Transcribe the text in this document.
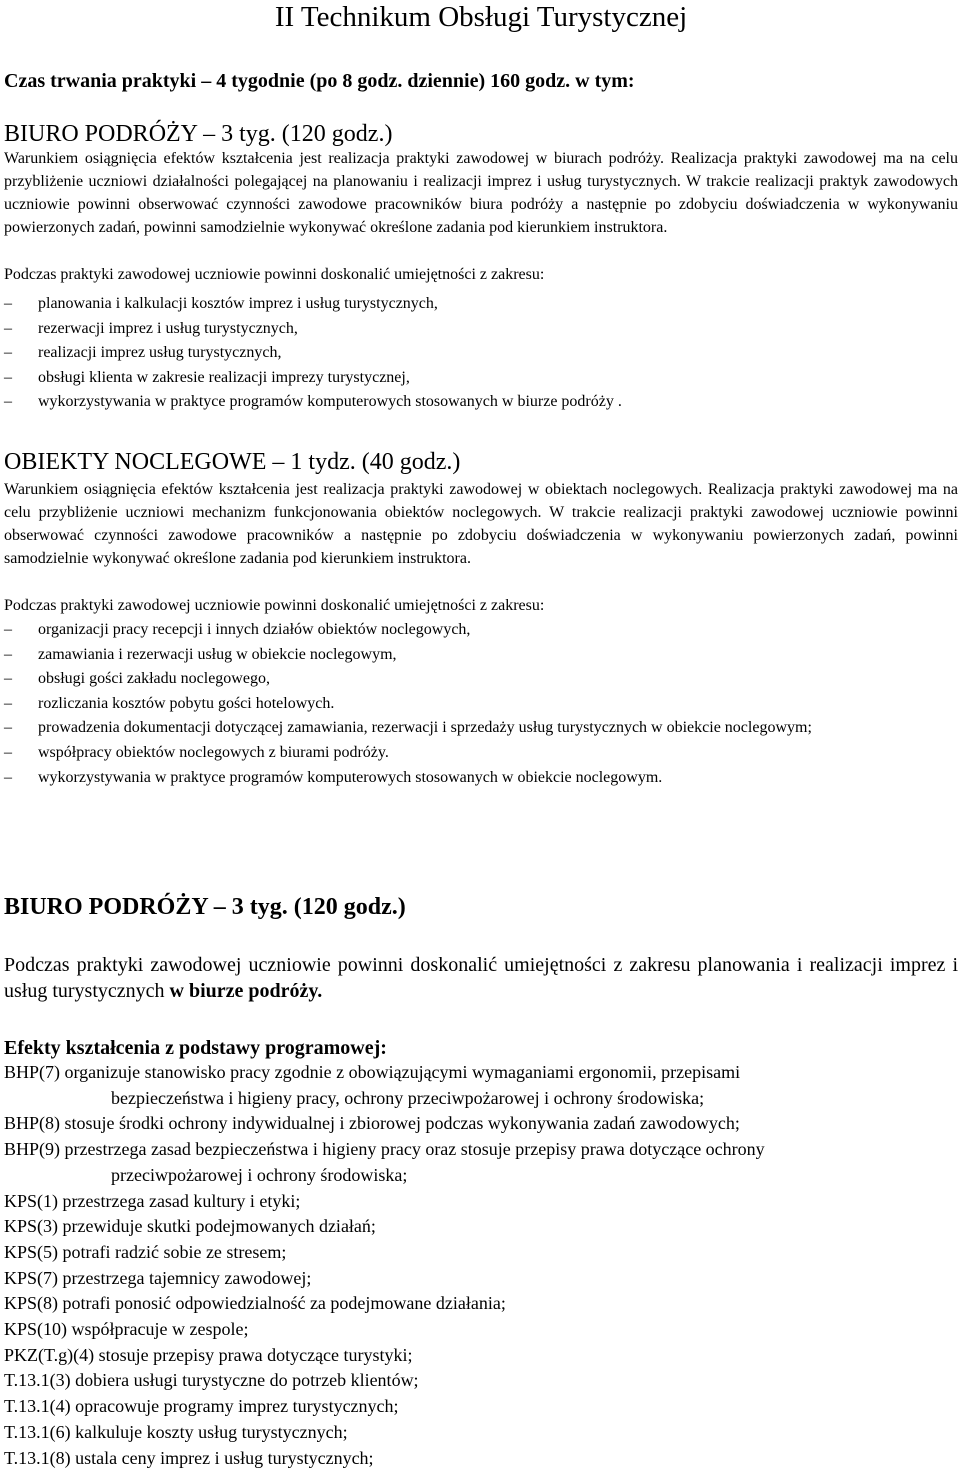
II Technikum Obsługi Turystycznej
Czas trwania praktyki – 4 tygodnie (po 8 godz. dziennie) 160 godz. w tym:
BIURO PODRÓŻY – 3 tyg. (120 godz.)

Warunkiem osiągnięcia efektów kształcenia jest realizacja praktyki zawodowej w biurach podróży. Realizacja praktyki zawodowej ma na celu przybliżenie uczniowi działalności polegającej na planowaniu i realizacji imprez i usług turystycznych. W trakcie realizacji praktyk zawodowych uczniowie powinni obserwować czynności zawodowe pracowników biura podróży a następnie po zdobyciu doświadczenia w wykonywaniu powierzonych zadań, powinni samodzielnie wykonywać określone zadania pod kierunkiem instruktora.

Podczas praktyki zawodowej uczniowie powinni doskonalić umiejętności z zakresu:
– planowania i kalkulacji kosztów imprez i usług turystycznych,
– rezerwacji imprez i usług turystycznych,
– realizacji imprez usług turystycznych,
– obsługi klienta w zakresie realizacji imprezy turystycznej,
– wykorzystywania w praktyce programów komputerowych stosowanych w biurze podróży .
OBIEKTY NOCLEGOWE – 1 tydz. (40 godz.)

Warunkiem osiągnięcia efektów kształcenia jest realizacja praktyki zawodowej w obiektach noclegowych. Realizacja praktyki zawodowej ma na celu przybliżenie uczniowi mechanizm funkcjonowania obiektów noclegowych. W trakcie realizacji praktyki zawodowej uczniowie powinni obserwować czynności zawodowe pracowników a następnie po zdobyciu doświadczenia w wykonywaniu powierzonych zadań, powinni samodzielnie wykonywać określone zadania pod kierunkiem instruktora.

Podczas praktyki zawodowej uczniowie powinni doskonalić umiejętności z zakresu:
– organizacji pracy recepcji i innych działów obiektów noclegowych,
– zamawiania i rezerwacji usług w obiekcie noclegowym,
– obsługi gości zakładu noclegowego,
– rozliczania kosztów pobytu gości hotelowych.
– prowadzenia dokumentacji dotyczącej zamawiania, rezerwacji i sprzedaży usług turystycznych w obiekcie noclegowym;
– współpracy obiektów noclegowych z biurami podróży.
– wykorzystywania w praktyce programów komputerowych stosowanych w obiekcie noclegowym.
BIURO PODRÓŻY – 3 tyg. (120 godz.)
Podczas praktyki zawodowej uczniowie powinni doskonalić umiejętności z zakresu planowania i realizacji imprez i usług turystycznych w biurze podróży.
Efekty kształcenia z podstawy programowej:
BHP(7) organizuje stanowisko pracy zgodnie z obowiązującymi wymaganiami ergonomii, przepisami
bezpieczeństwa i higieny pracy, ochrony przeciwpożarowej i ochrony środowiska;
BHP(8) stosuje środki ochrony indywidualnej i zbiorowej podczas wykonywania zadań zawodowych;
BHP(9) przestrzega zasad bezpieczeństwa i higieny pracy oraz stosuje przepisy prawa dotyczące ochrony
przeciwpożarowej i ochrony środowiska;
KPS(1) przestrzega zasad kultury i etyki;
KPS(3) przewiduje skutki podejmowanych działań;
KPS(5) potrafi radzić sobie ze stresem;
KPS(7) przestrzega tajemnicy zawodowej;
KPS(8) potrafi ponosić odpowiedzialność za podejmowane działania;
KPS(10) współpracuje w zespole;
PKZ(T.g)(4) stosuje przepisy prawa dotyczące turystyki;
T.13.1(3) dobiera usługi turystyczne do potrzeb klientów;
T.13.1(4) opracowuje programy imprez turystycznych;
T.13.1(6) kalkuluje koszty usług turystycznych;
T.13.1(8) ustala ceny imprez i usług turystycznych;
